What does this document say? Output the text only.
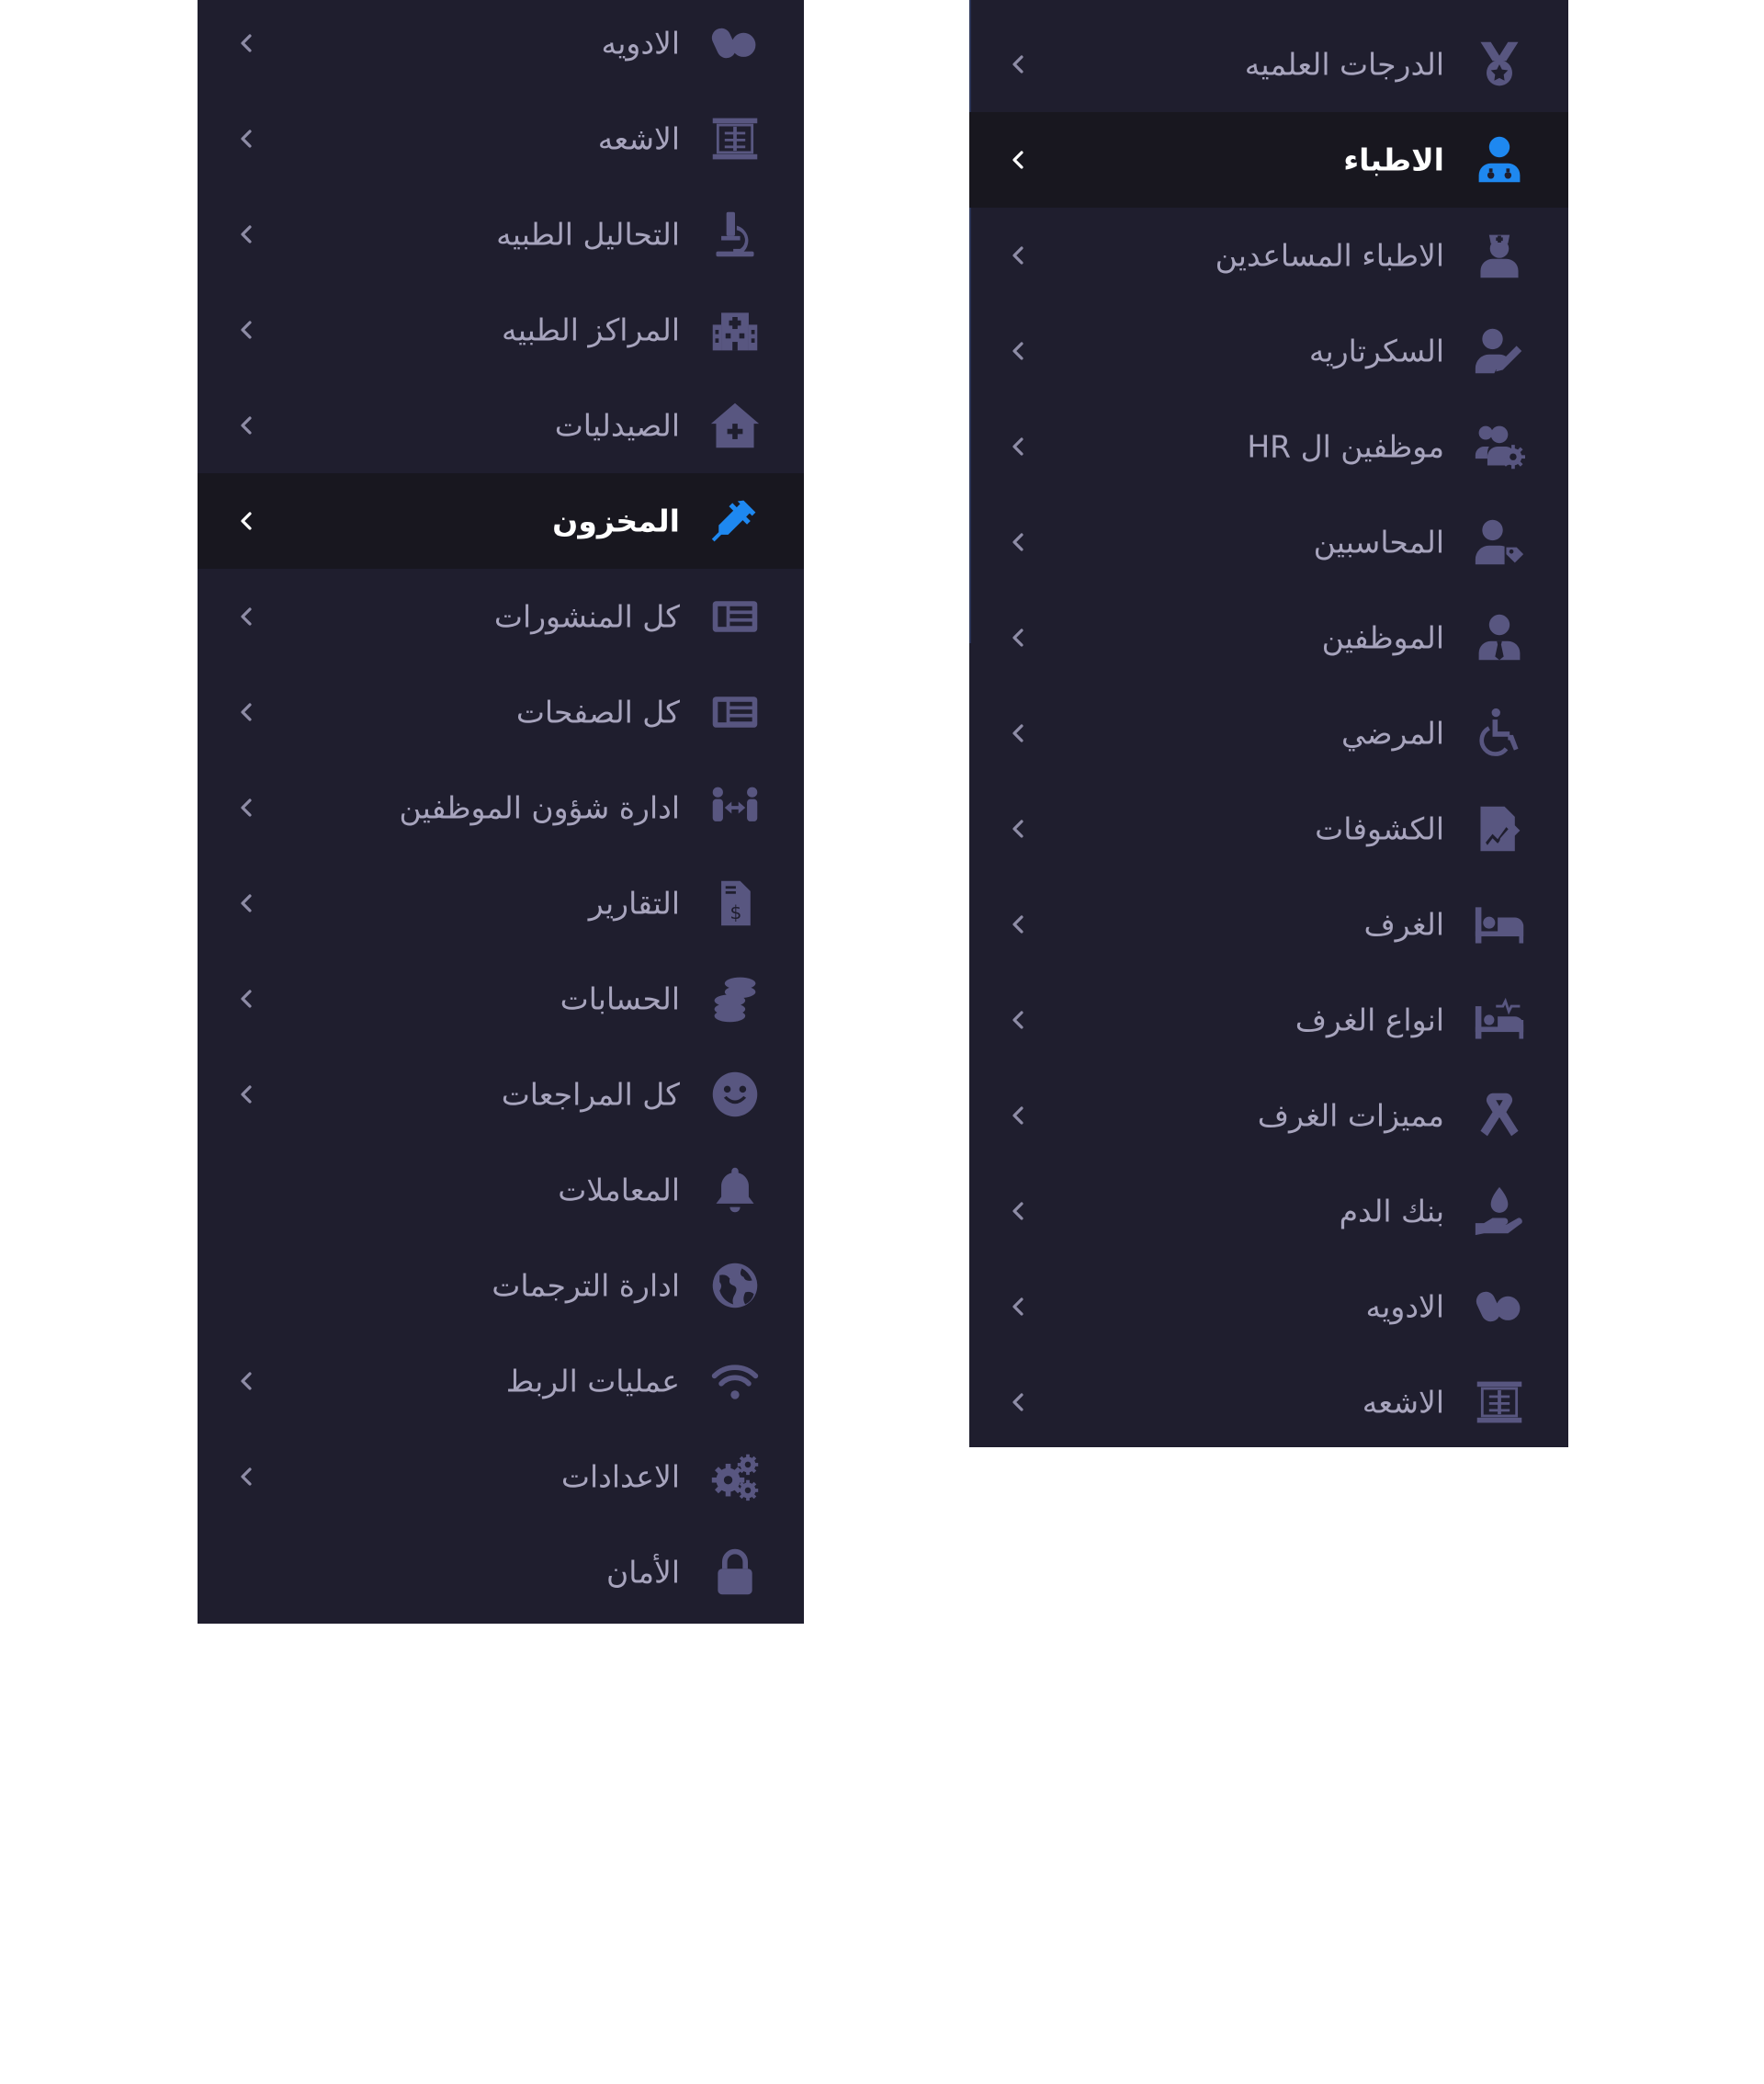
الادويه
الاشعه
التحاليل الطبيه
المراكز الطبيه
الصيدليات
المخزون
كل المنشورات
كل الصفحات
ادارة شؤون الموظفين
$
التقارير
الحسابات
كل المراجعات
المعاملات
ادارة الترجمات
عمليات الربط
الاعدادات
الأمان
الدرجات العلميه
الاطباء
الاطباء المساعدين
السكرتاريه
موظفين ال HR
المحاسبين
الموظفين
المرضي
الكشوفات
الغرف
انواع الغرف
مميزات الغرف
بنك الدم
الادويه
الاشعه
